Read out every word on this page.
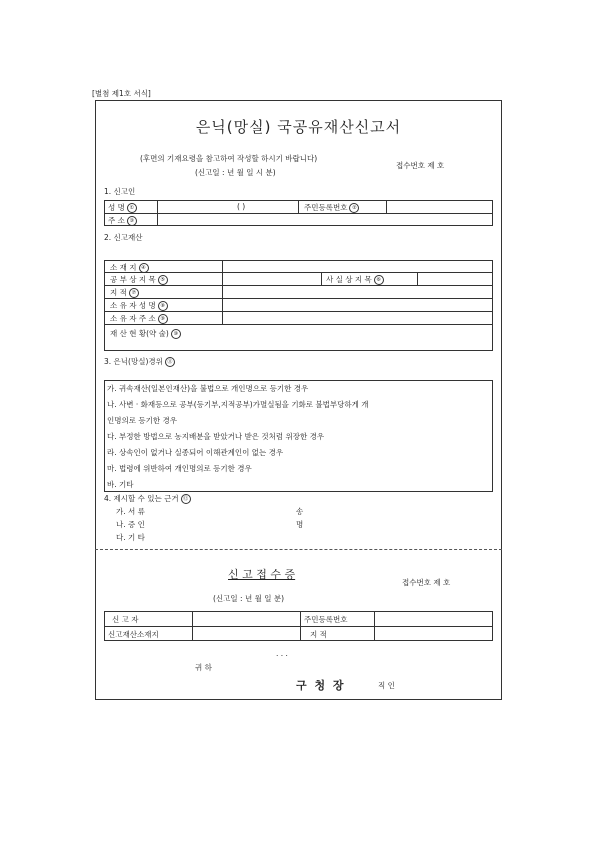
[별첨 제1호 서식]
은닉(망실) 국공유재산신고서
(후면의 기재요령을 참고하여 작성할 하시기 바랍니다)
(신고일 : 년 월 일 시 분)
접수번호 제 호
1. 신고인
성 명 ①	( )	주민등록번호 ②
주 소 ③
2. 신고재산
소 재 지 ④
공 부 상 지 목 ⑤	사 실 상 지 목 ⑥
지 적 ⑦
소 유 자 성 명 ⑧
소 유 자 주 소 ⑨
재 산 현 황(약 술) ⑩
3. 은닉(망실)경위 ⑪
가. 귀속재산(일본인재산)을 불법으로 개인명으로 등기한 경우
나. 사변 · 화재등으로 공부(등기부,지적공부)가멸실됨을 기화로 불법부당하게 개
인명의로 등기한 경우
다. 부정한 방법으로 농지배분을 받았거나 받은 것처럼 위장한 경우
라. 상속인이 없거나 실종되어 이해관계인이 없는 경우
마. 법령에 위반하여 개인명의로 등기한 경우
바. 기타
4. 제시할 수 있는 근거 ⑫
가. 서 류	송
나. 증 인	명
다. 기 타
신 고 접 수 증
접수번호 제 호
(신고일 : 년 월 일 분)
신 고 자	주민등록번호
신고재산소재지	지 적
. . .
귀 하
구 청 장	직 인
